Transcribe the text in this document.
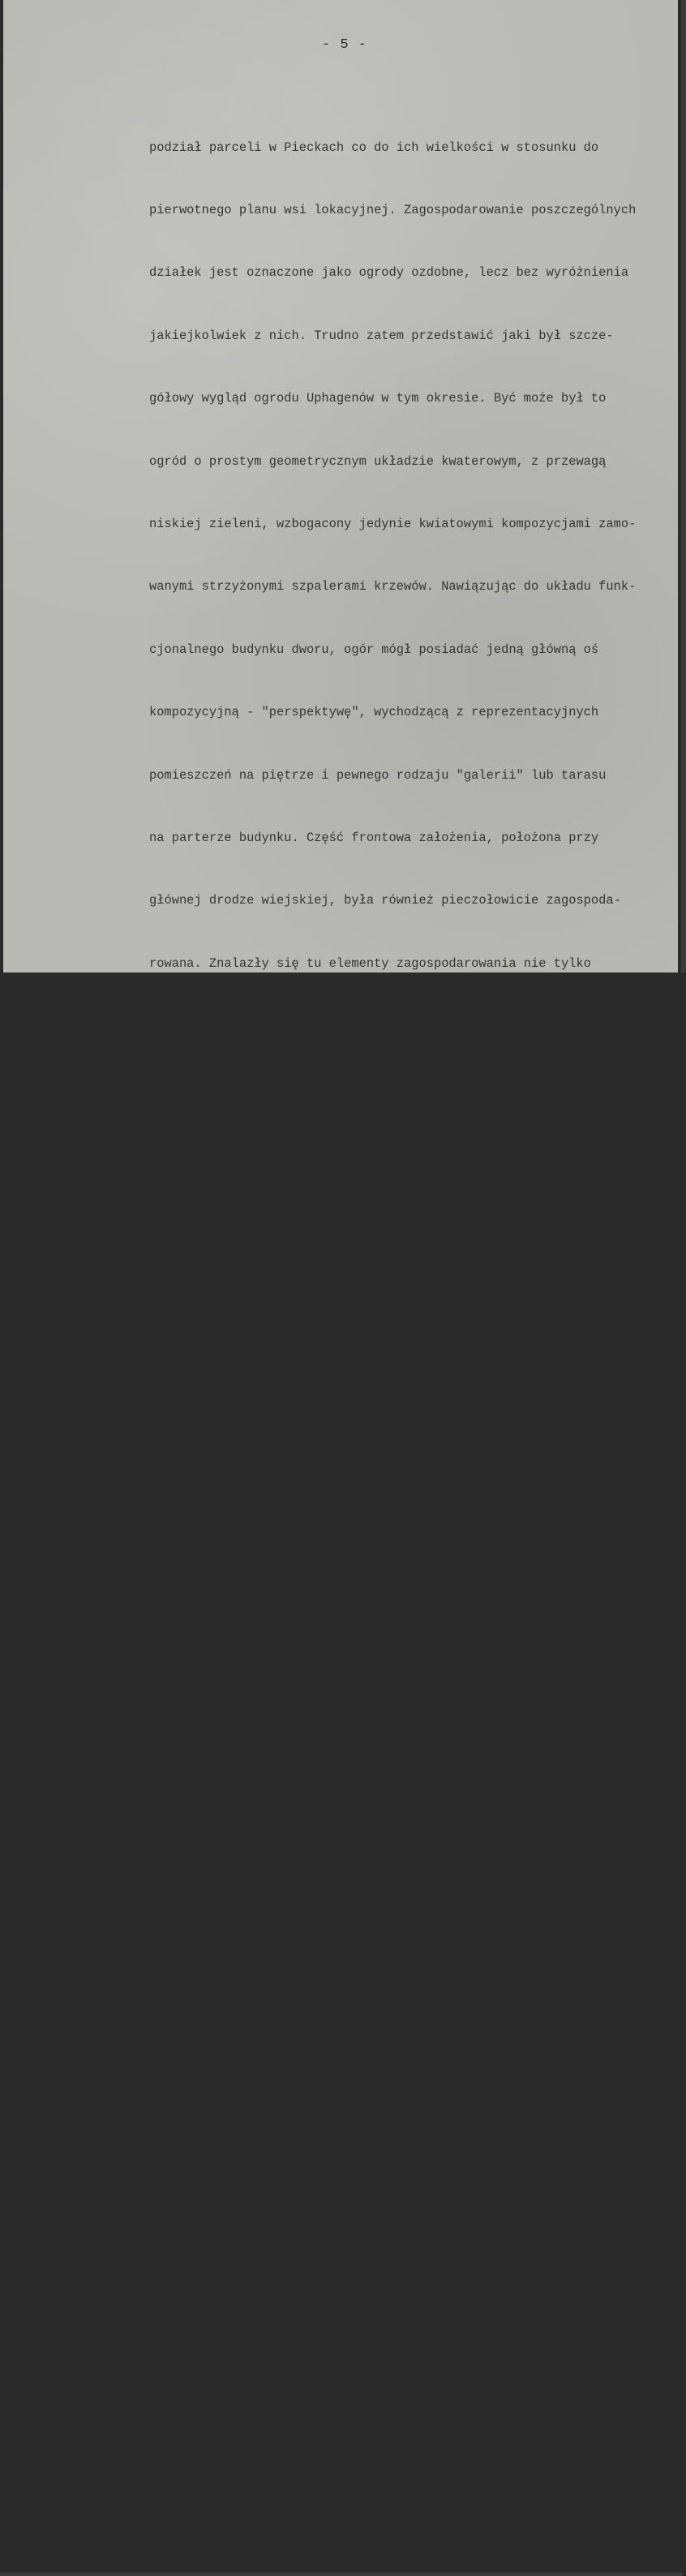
- 5 -

podział parceli w Pieckach co do ich wielkości w stosunku do

pierwotnego planu wsi lokacyjnej. Zagospodarowanie poszczególnych

działek jest oznaczone jako ogrody ozdobne, lecz bez wyróżnienia

jakiejkolwiek z nich. Trudno zatem przedstawić jaki był szcze-

gółowy wygląd ogrodu Uphagenów w tym okresie. Być może był to

ogród o prostym geometrycznym układzie kwaterowym, z przewagą

niskiej zieleni, wzbogacony jedynie kwiatowymi kompozycjami zamo-

wanymi strzyżonymi szpalerami krzewów. Nawiązując do układu funk-

cjonalnego budynku dworu, ogór mógł posiadać jedną główną oś

kompozycyjną - "perspektywę", wychodzącą z reprezentacyjnych

pomieszczeń na piętrze i pewnego rodzaju "galerii" lub tarasu

na parterze budynku. Część frontowa założenia, położona przy

głównej drodze wiejskiej, była również pieczołowicie zagospoda-

rowana. Znalazły się tu elementy zagospodarowania nie tylko

czysto funkcjonalne - paradny podjazd do dworu, lecz i ozdobno-

- ogrodowe - jak altanka ogrodowa - zieleń wysoka i ozdobny

stawek ogrodowy.

Część płd. kraniec parceli mógł być przeznaczony na sady.

Ponieważ w międzyczasie we wsi Piecki kwaterował generał

wojsk napoleońskich Lefebre, wydaje się iż mógł on wybrać za

miejsce pobytu niedawną siedzibę Uphagenów /którzy wówczas nie

byli już właścicielami/, z uwagi na jej piękno i okazałość

w porównaniu z resztą zabudowy wsi.

5. Po sprzedaży posiadłości przez Uphagenów, zespół zmieniał

często właścicieli i odtąd aż do czasów dzisiejszych zapewne

nie wyróżniał się swoim wyglądem od sąsiednich działek posiadają-

cych skromne ogrody użytkowe. Kolejne mapy ukazują nadal w jed-

nolity sposób zagospodarowanie poszczególnych posesji jako nie-

wielkich ogrodów bez specjalnej kompozycji ogrodowej.

Szczególnie dobrze jest to widoczne poprzez porównanie z parkiem

we wsi Migowo, który choć jedynie nieco większy powierzchniowo

od działki przy ul. Piecewskiej 7, posiadał rozbudowaną kompo-

zycję zieleni wysokiej i jest to również wyraźnie oznaczone gra-

ficznie na mapie.

6. Cyły okres powojenny do następująca w szybkim tempie dewas-

tacja i prawie całkowite zniszczenie nie tylko ogrodu ale i

substancji budowlanej dworu. Przez dłuższy czas nie było jedno-

litej koncepcji wykorzystania budynku dworu. Po zniszczeniu
